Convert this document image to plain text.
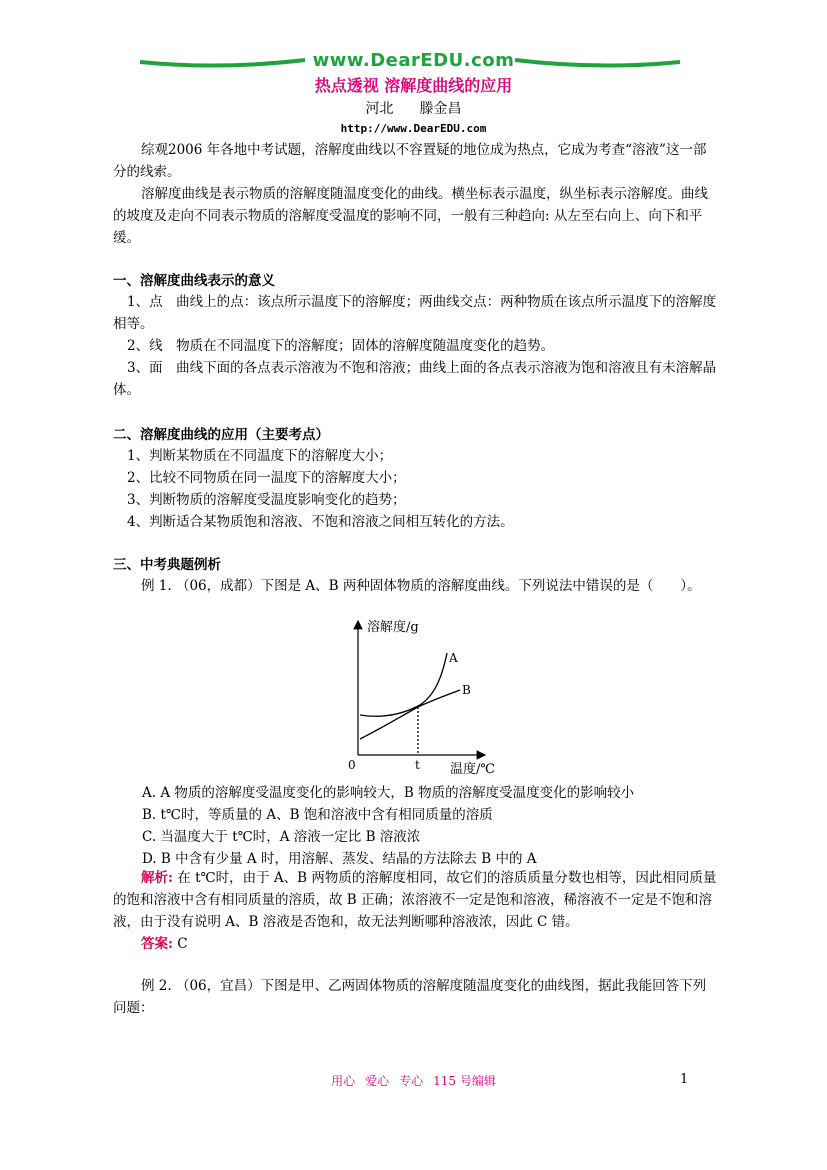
www.DearEDU.com
热点透视 溶解度曲线的应用
河北 滕金昌
http://www.DearEDU.com
综观2006 年各地中考试题，溶解度曲线以不容置疑的地位成为热点，它成为考查“溶液”这一部分的线索。
溶解度曲线是表示物质的溶解度随温度变化的曲线。横坐标表示温度，纵坐标表示溶解度。曲线的坡度及走向不同表示物质的溶解度受温度的影响不同，一般有三种趋向: 从左至右向上、向下和平缓。
一、溶解度曲线表示的意义
1、点　曲线上的点：该点所示温度下的溶解度；两曲线交点：两种物质在该点所示温度下的溶解度相等。
2、线　物质在不同温度下的溶解度；固体的溶解度随温度变化的趋势。
3、面　曲线下面的各点表示溶液为不饱和溶液；曲线上面的各点表示溶液为饱和溶液且有未溶解晶体。
二、溶解度曲线的应用（主要考点）
1、判断某物质在不同温度下的溶解度大小；
2、比较不同物质在同一温度下的溶解度大小；
3、判断物质的溶解度受温度影响变化的趋势；
4、判断适合某物质饱和溶液、不饱和溶液之间相互转化的方法。
三、中考典题例析
例 1. （06，成都）下图是 A、B 两种固体物质的溶解度曲线。下列说法中错误的是（　　）。
溶解度/g
温度/℃
0	t
A
B
A. A 物质的溶解度受温度变化的影响较大，B 物质的溶解度受温度变化的影响较小
B. t℃时，等质量的 A、B 饱和溶液中含有相同质量的溶质
C. 当温度大于 t℃时，A 溶液一定比 B 溶液浓
D. B 中含有少量 A 时，用溶解、蒸发、结晶的方法除去 B 中的 A
解析: 在 t℃时，由于 A、B 两物质的溶解度相同，故它们的溶质质量分数也相等，因此相同质量的饱和溶液中含有相同质量的溶质，故 B 正确；浓溶液不一定是饱和溶液，稀溶液不一定是不饱和溶液，由于没有说明 A、B 溶液是否饱和，故无法判断哪种溶液浓，因此 C 错。
答案: C
例 2. （06，宜昌）下图是甲、乙两固体物质的溶解度随温度变化的曲线图，据此我能回答下列问题：
用心 爱心 专心 115 号编辑	1
